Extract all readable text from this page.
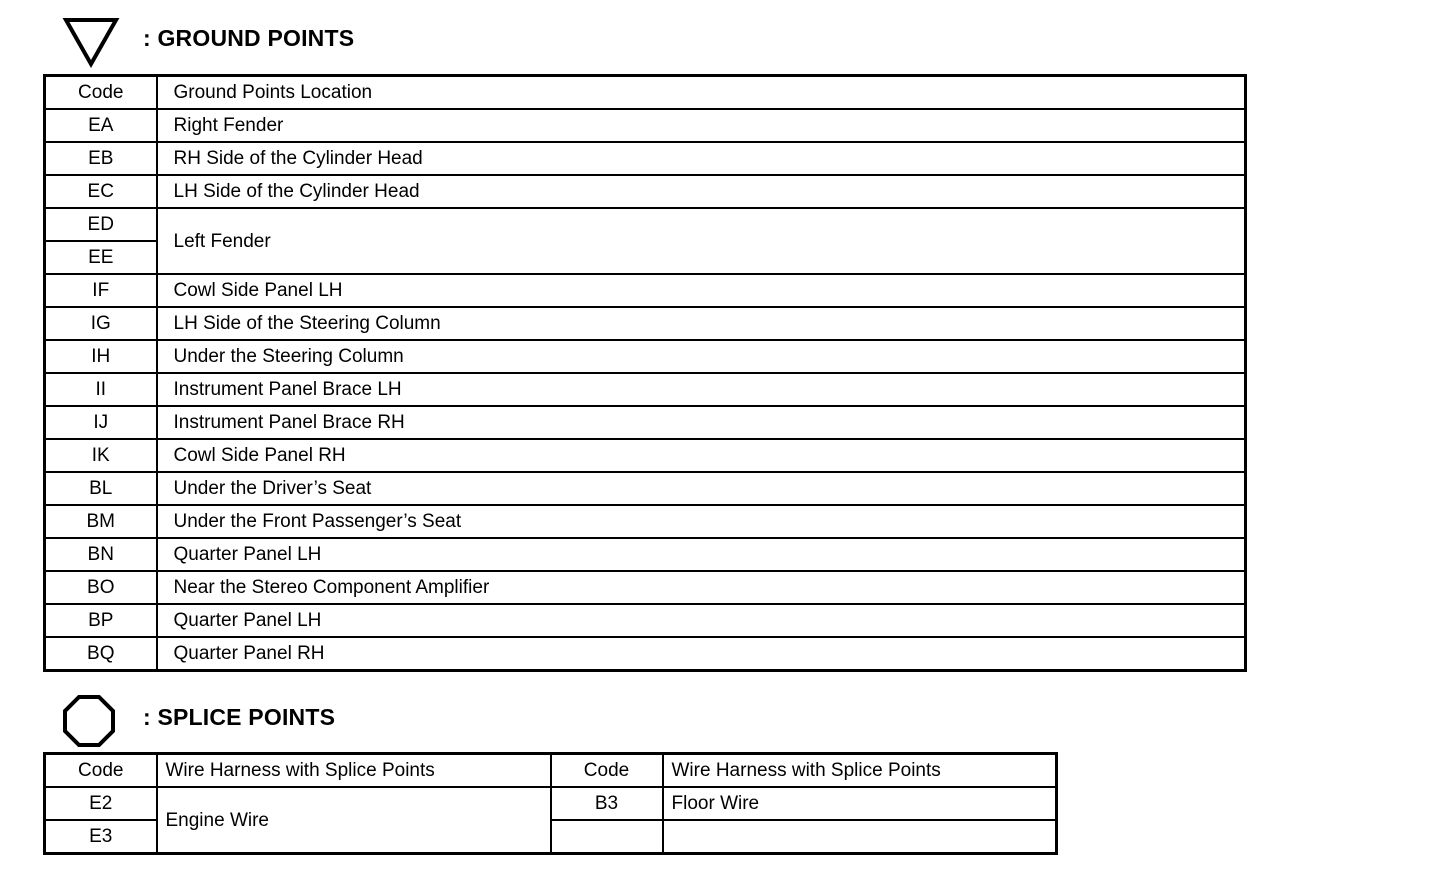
: GROUND POINTS
Code	Ground Points Location
EA	Right Fender
EB	RH Side of the Cylinder Head
EC	LH Side of the Cylinder Head
ED	Left Fender
EE	
IF	Cowl Side Panel LH
IG	LH Side of the Steering Column
IH	Under the Steering Column
II	Instrument Panel Brace LH
IJ	Instrument Panel Brace RH
IK	Cowl Side Panel RH
BL	Under the Driver’s Seat
BM	Under the Front Passenger’s Seat
BN	Quarter Panel LH
BO	Near the Stereo Component Amplifier
BP	Quarter Panel LH
BQ	Quarter Panel RH
: SPLICE POINTS
Code	Wire Harness with Splice Points	Code	Wire Harness with Splice Points
E2	Engine Wire	B3	Floor Wire
E3			
